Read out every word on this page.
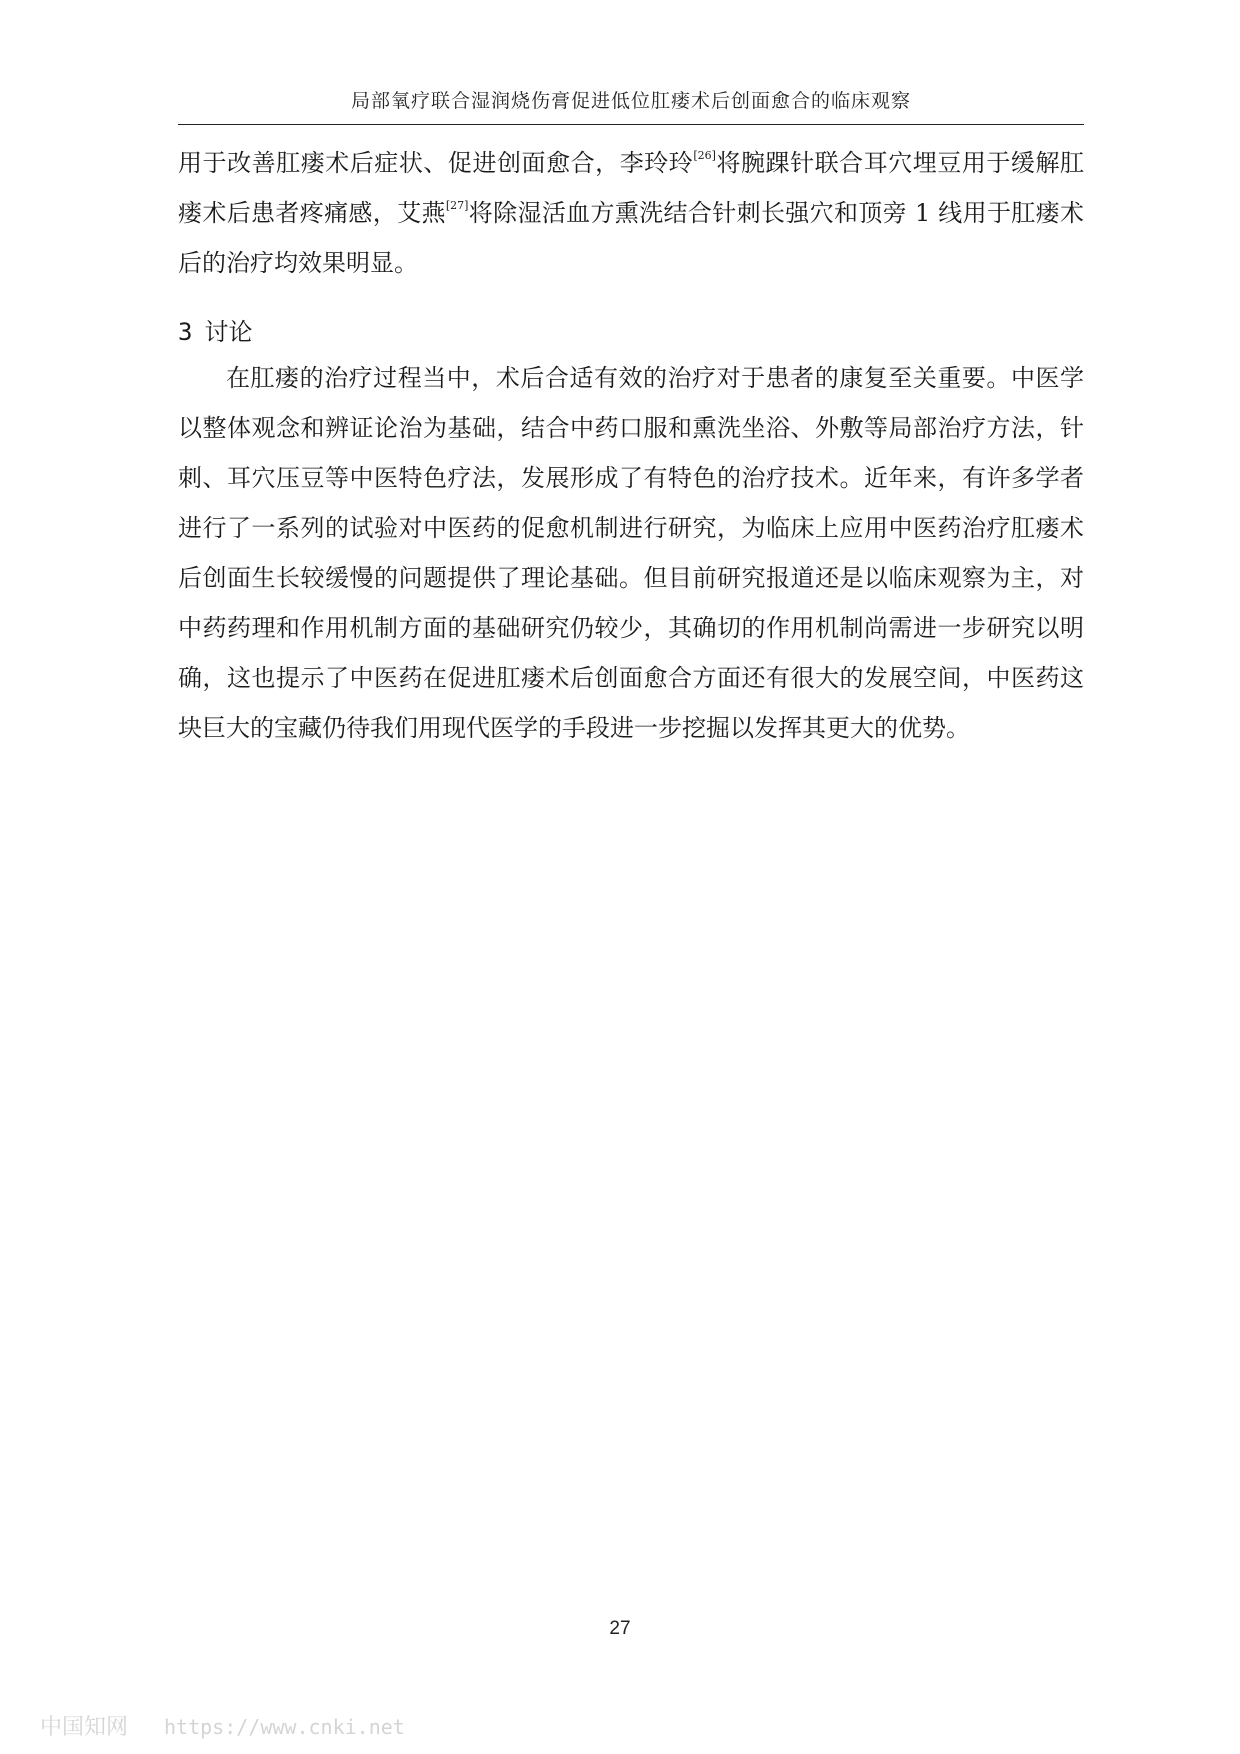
局部氧疗联合湿润烧伤膏促进低位肛瘘术后创面愈合的临床观察
用于改善肛瘘术后症状、促进创面愈合，李玲玲[26]将腕踝针联合耳穴埋豆用于缓解肛
瘘术后患者疼痛感，艾燕[27]将除湿活血方熏洗结合针刺长强穴和顶旁 1 线用于肛瘘术
后的治疗均效果明显。
3 讨论
在肛瘘的治疗过程当中，术后合适有效的治疗对于患者的康复至关重要。中医学
以整体观念和辨证论治为基础，结合中药口服和熏洗坐浴、外敷等局部治疗方法，针
刺、耳穴压豆等中医特色疗法，发展形成了有特色的治疗技术。近年来，有许多学者
进行了一系列的试验对中医药的促愈机制进行研究，为临床上应用中医药治疗肛瘘术
后创面生长较缓慢的问题提供了理论基础。但目前研究报道还是以临床观察为主，对
中药药理和作用机制方面的基础研究仍较少，其确切的作用机制尚需进一步研究以明
确，这也提示了中医药在促进肛瘘术后创面愈合方面还有很大的发展空间，中医药这
块巨大的宝藏仍待我们用现代医学的手段进一步挖掘以发挥其更大的优势。
27
中国知网 https://www.cnki.net
